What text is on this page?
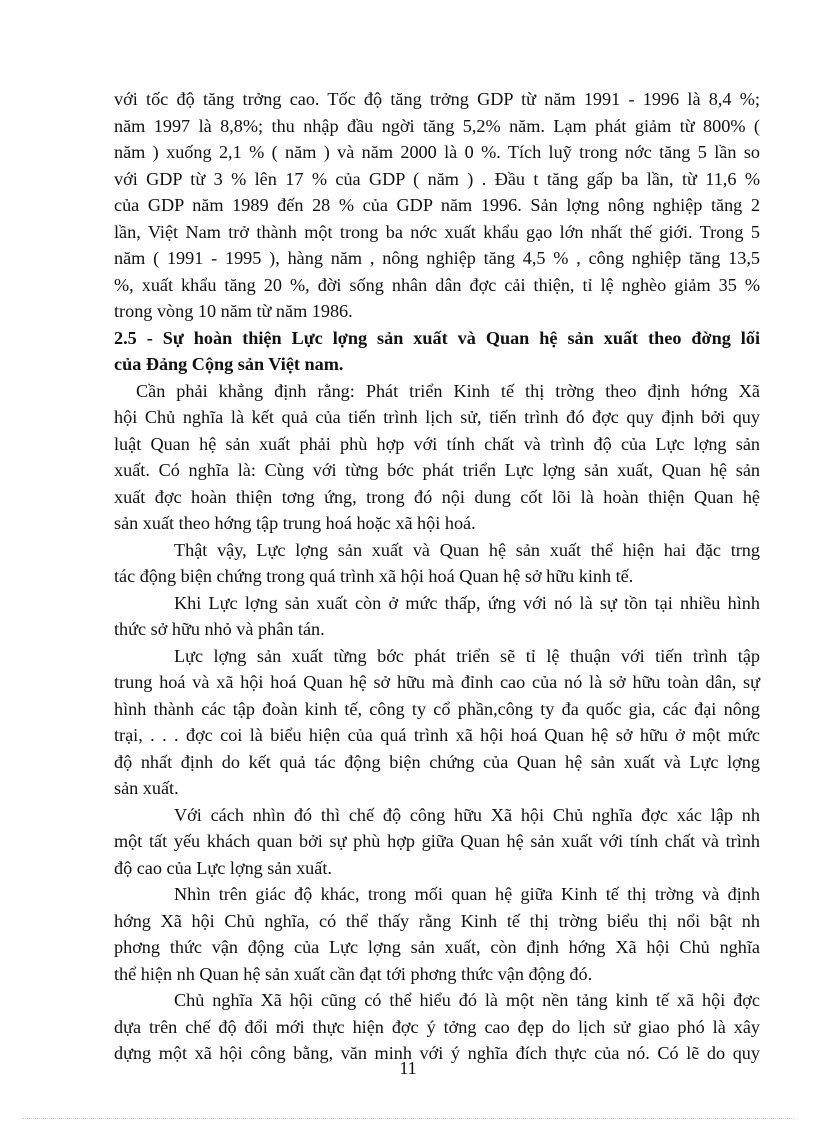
với tốc độ tăng trởng cao. Tốc độ tăng trởng GDP từ năm 1991 - 1996 là 8,4 %;
năm 1997 là 8,8%; thu nhập đầu ngời tăng 5,2% năm. Lạm phát giảm từ 800% (
năm ) xuống 2,1 % ( năm ) và năm 2000 là 0 %. Tích luỹ trong nớc tăng 5 lần so
với GDP từ 3 % lên 17 % của GDP ( năm ) . Đầu t tăng gấp ba lần, từ 11,6 %
của GDP năm 1989 đến 28 % của GDP năm 1996. Sản lợng nông nghiệp tăng 2
lần, Việt Nam trở thành một trong ba nớc xuất khẩu gạo lớn nhất thế giới. Trong 5
năm ( 1991 - 1995 ), hàng năm , nông nghiệp tăng 4,5 % , công nghiệp tăng 13,5
%, xuất khẩu tăng 20 %, đời sống nhân dân đợc cải thiện, tỉ lệ nghèo giảm 35 %
trong vòng 10 năm từ năm 1986.
2.5 - Sự hoàn thiện Lực lợng sản xuất và Quan hệ sản xuất theo đờng lối
của Đảng Cộng sản Việt nam.
Cần phải khẳng định rằng: Phát triển Kinh tế thị trờng theo định hớng Xã
hội Chủ nghĩa là kết quả của tiến trình lịch sử, tiến trình đó đợc quy định bởi quy
luật Quan hệ sản xuất phải phù hợp với tính chất và trình độ của Lực lợng sản
xuất. Có nghĩa là: Cùng với từng bớc phát triển Lực lợng sản xuất, Quan hệ sản
xuất đợc hoàn thiện tơng ứng, trong đó nội dung cốt lõi là hoàn thiện Quan hệ
sản xuất theo hớng tập trung hoá hoặc xã hội hoá.
Thật vậy, Lực lợng sản xuất và Quan hệ sản xuất thể hiện hai đặc trng
tác động biện chứng trong quá trình xã hội hoá Quan hệ sở hữu kinh tế.
Khi Lực lợng sản xuất còn ở mức thấp, ứng với nó là sự tồn tại nhiều hình
thức sở hữu nhỏ và phân tán.
Lực lợng sản xuất từng bớc phát triển sẽ tỉ lệ thuận với tiến trình tập
trung hoá và xã hội hoá Quan hệ sở hữu mà đỉnh cao của nó là sở hữu toàn dân, sự
hình thành các tập đoàn kinh tế, công ty cổ phần,công ty đa quốc gia, các đại nông
trại, . . . đợc coi là biểu hiện của quá trình xã hội hoá Quan hệ sở hữu ở một mức
độ nhất định do kết quả tác động biện chứng của Quan hệ sản xuất và Lực lợng
sản xuất.
Với cách nhìn đó thì chế độ công hữu Xã hội Chủ nghĩa đợc xác lập nh
một tất yếu khách quan bởi sự phù hợp giữa Quan hệ sản xuất với tính chất và trình
độ cao của Lực lợng sản xuất.
Nhìn trên giác độ khác, trong mối quan hệ giữa Kinh tế thị trờng và định
hớng Xã hội Chủ nghĩa, có thể thấy rằng Kinh tế thị trờng biểu thị nổi bật nh
phơng thức vận động của Lực lợng sản xuất, còn định hớng Xã hội Chủ nghĩa
thể hiện nh Quan hệ sản xuất cần đạt tới phơng thức vận động đó.
Chủ nghĩa Xã hội cũng có thể hiểu đó là một nền tảng kinh tế xã hội đợc
dựa trên chế độ đổi mới thực hiện đợc ý tởng cao đẹp do lịch sử giao phó là xây
dựng một xã hội công bằng, văn minh với ý nghĩa đích thực của nó. Có lẽ do quy
11
